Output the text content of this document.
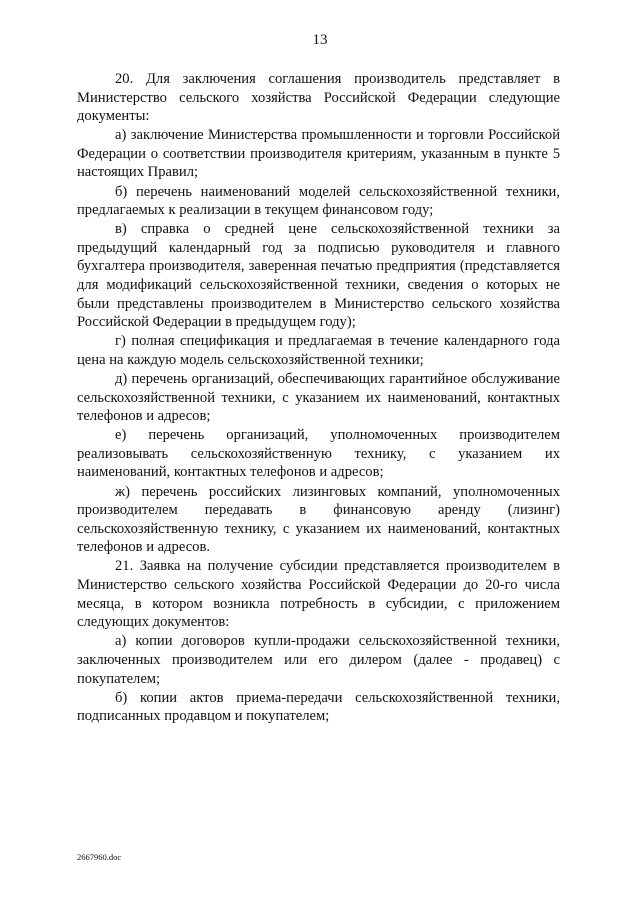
13

20. Для заключения соглашения производитель представляет в Министерство сельского хозяйства Российской Федерации следующие документы:

а) заключение Министерства промышленности и торговли Российской Федерации о соответствии производителя критериям, указанным в пункте 5 настоящих Правил;

б) перечень наименований моделей сельскохозяйственной техники, предлагаемых к реализации в текущем финансовом году;

в) справка о средней цене сельскохозяйственной техники за предыдущий календарный год за подписью руководителя и главного бухгалтера производителя, заверенная печатью предприятия (представляется для модификаций сельскохозяйственной техники, сведения о которых не были представлены производителем в Министерство сельского хозяйства Российской Федерации в предыдущем году);

г) полная спецификация и предлагаемая в течение календарного года цена на каждую модель сельскохозяйственной техники;

д) перечень организаций, обеспечивающих гарантийное обслуживание сельскохозяйственной техники, с указанием их наименований, контактных телефонов и адресов;

е) перечень организаций, уполномоченных производителем реализовывать сельскохозяйственную технику, с указанием их наименований, контактных телефонов и адресов;

ж) перечень российских лизинговых компаний, уполномоченных производителем передавать в финансовую аренду (лизинг) сельскохозяйственную технику, с указанием их наименований, контактных телефонов и адресов.

21. Заявка на получение субсидии представляется производителем в Министерство сельского хозяйства Российской Федерации до 20-го числа месяца, в котором возникла потребность в субсидии, с приложением следующих документов:

а) копии договоров купли-продажи сельскохозяйственной техники, заключенных производителем или его дилером (далее - продавец) с покупателем;

б) копии актов приема-передачи сельскохозяйственной техники, подписанных продавцом и покупателем;

2667960.doc
